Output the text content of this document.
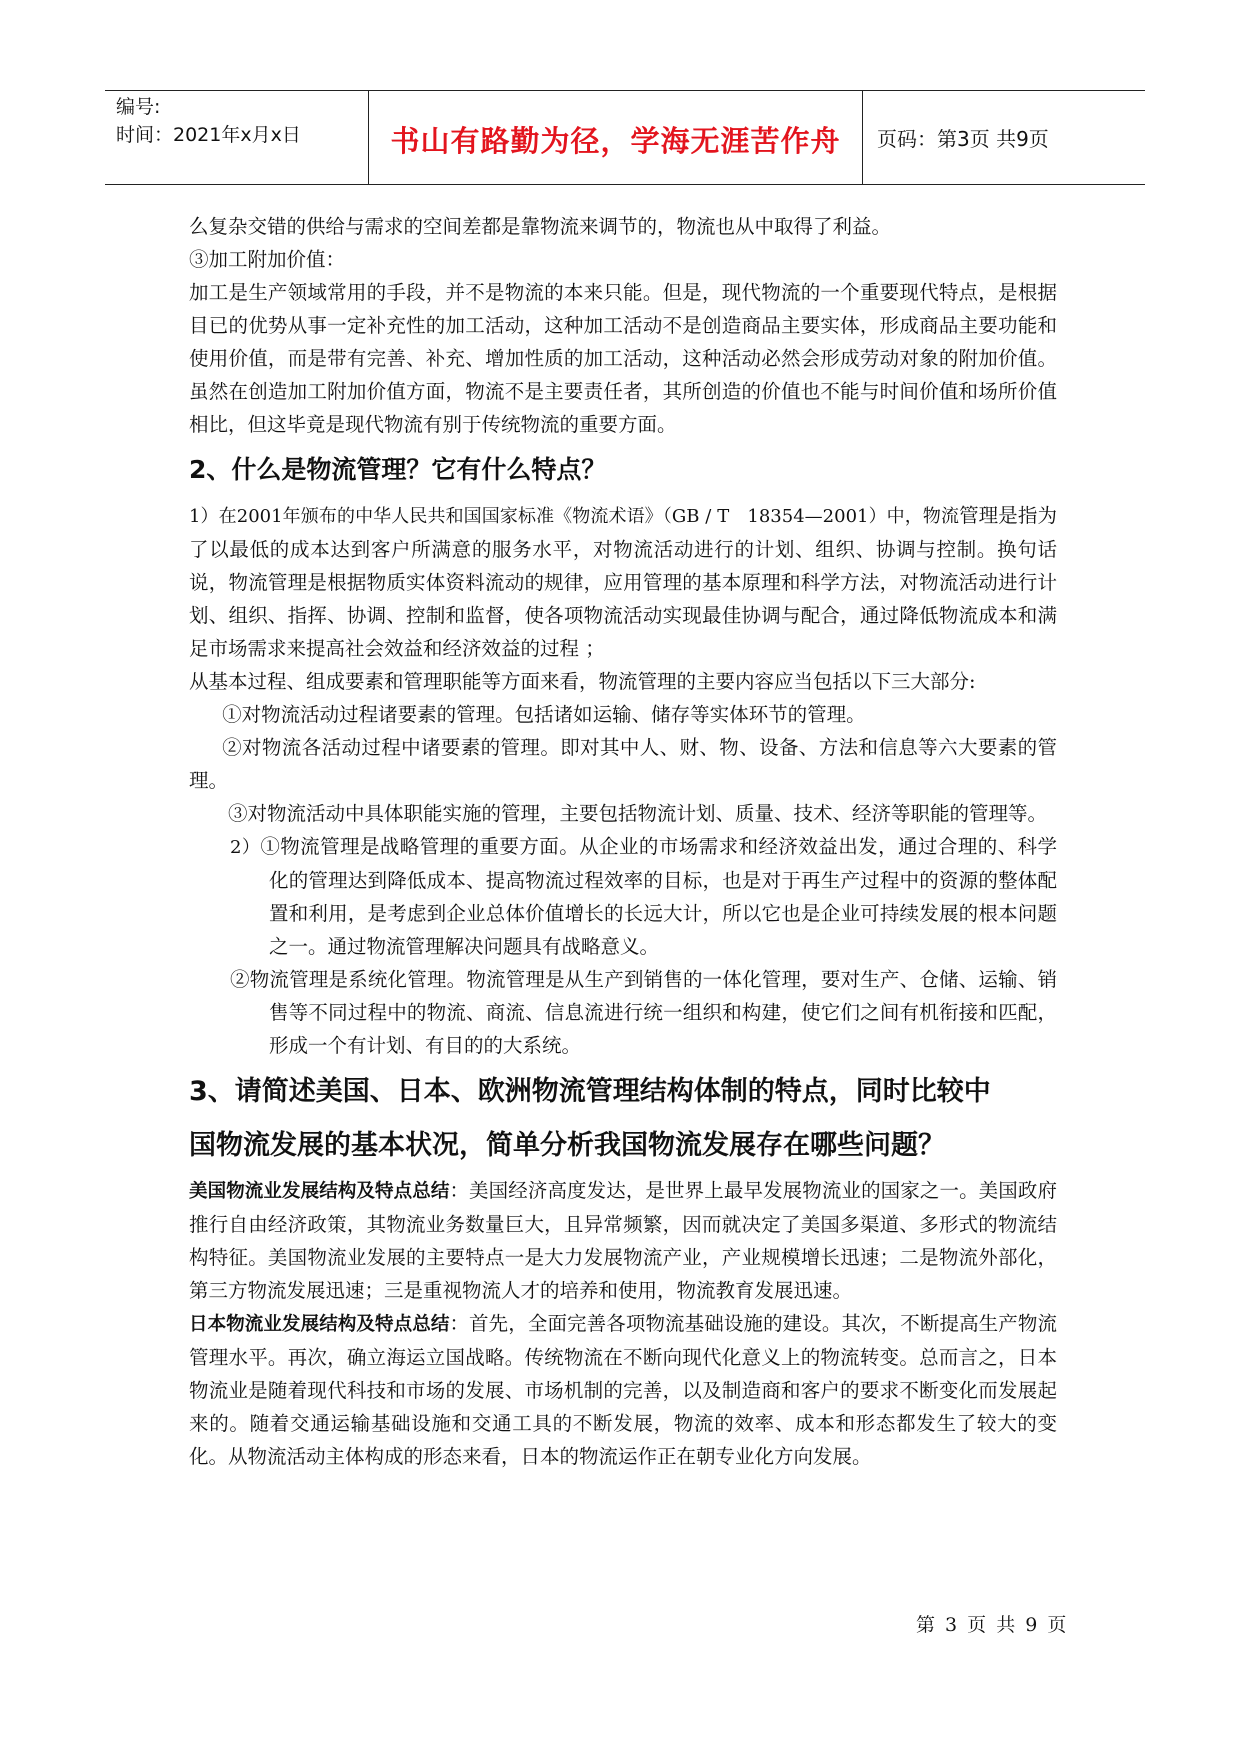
编号:
时间：2021年x月x日	书山有路勤为径，学海无涯苦作舟	页码：第3页 共9页

么复杂交错的供给与需求的空间差都是靠物流来调节的，物流也从中取得了利益。

③加工附加价值：

加工是生产领域常用的手段，并不是物流的本来只能。但是，现代物流的一个重要现代特点，是根据目已的优势从事一定补充性的加工活动，这种加工活动不是创造商品主要实体，形成商品主要功能和使用价值，而是带有完善、补充、增加性质的加工活动，这种活动必然会形成劳动对象的附加价值。虽然在创造加工附加价值方面，物流不是主要责任者，其所创造的价值也不能与时间价值和场所价值相比，但这毕竟是现代物流有别于传统物流的重要方面。

2、什么是物流管理？它有什么特点？

1）在2001年颁布的中华人民共和国国家标准《物流术语》（GB / T　18354—2001）中，物流管理是指为了以最低的成本达到客户所满意的服务水平，对物流活动进行的计划、组织、协调与控制。换句话说，物流管理是根据物质实体资料流动的规律，应用管理的基本原理和科学方法，对物流活动进行计划、组织、指挥、协调、控制和监督，使各项物流活动实现最佳协调与配合，通过降低物流成本和满足市场需求来提高社会效益和经济效益的过程 ；

从基本过程、组成要素和管理职能等方面来看，物流管理的主要内容应当包括以下三大部分:

①对物流活动过程诸要素的管理。包括诸如运输、储存等实体环节的管理。

②对物流各活动过程中诸要素的管理。即对其中人、财、物、设备、方法和信息等六大要素的管理。

③对物流活动中具体职能实施的管理，主要包括物流计划、质量、技术、经济等职能的管理等。

2）①物流管理是战略管理的重要方面。从企业的市场需求和经济效益出发，通过合理的、科学化的管理达到降低成本、提高物流过程效率的目标，也是对于再生产过程中的资源的整体配置和利用，是考虑到企业总体价值增长的长远大计，所以它也是企业可持续发展的根本问题之一。通过物流管理解决问题具有战略意义。

②物流管理是系统化管理。物流管理是从生产到销售的一体化管理，要对生产、仓储、运输、销售等不同过程中的物流、商流、信息流进行统一组织和构建，使它们之间有机衔接和匹配，形成一个有计划、有目的的大系统。

3、请简述美国、日本、欧洲物流管理结构体制的特点，同时比较中
国物流发展的基本状况，简单分析我国物流发展存在哪些问题？

美国物流业发展结构及特点总结：美国经济高度发达，是世界上最早发展物流业的国家之一。美国政府推行自由经济政策，其物流业务数量巨大，且异常频繁，因而就决定了美国多渠道、多形式的物流结构特征。美国物流业发展的主要特点一是大力发展物流产业，产业规模增长迅速；二是物流外部化，第三方物流发展迅速；三是重视物流人才的培养和使用，物流教育发展迅速。

日本物流业发展结构及特点总结：首先，全面完善各项物流基础设施的建设。其次，不断提高生产物流管理水平。再次，确立海运立国战略。传统物流在不断向现代化意义上的物流转变。总而言之，日本物流业是随着现代科技和市场的发展、市场机制的完善，以及制造商和客户的要求不断变化而发展起来的。随着交通运输基础设施和交通工具的不断发展，物流的效率、成本和形态都发生了较大的变化。从物流活动主体构成的形态来看，日本的物流运作正在朝专业化方向发展。

第 3 页 共 9 页
